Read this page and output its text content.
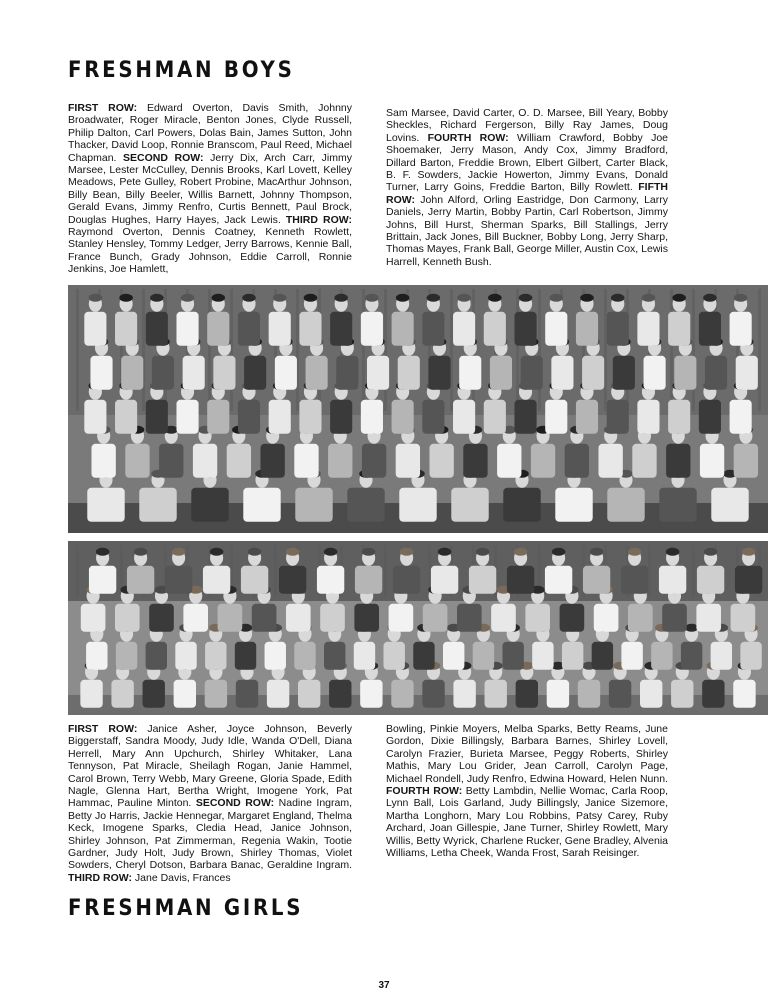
FRESHMAN BOYS
FIRST ROW: Edward Overton, Davis Smith, Johnny Broadwater, Roger Miracle, Benton Jones, Clyde Russell, Philip Dalton, Carl Powers, Dolas Bain, James Sutton, John Thacker, David Loop, Ronnie Branscom, Paul Reed, Michael Chapman. SECOND ROW: Jerry Dix, Arch Carr, Jimmy Marsee, Lester McCulley, Dennis Brooks, Karl Lovett, Kelley Meadows, Pete Gulley, Robert Probine, MacArthur Johnson, Billy Bean, Billy Beeler, Willis Barnett, Johnny Thompson, Gerald Evans, Jimmy Renfro, Curtis Bennett, Paul Brock, Douglas Hughes, Harry Hayes, Jack Lewis. THIRD ROW: Raymond Overton, Dennis Coatney, Kenneth Rowlett, Stanley Hensley, Tommy Ledger, Jerry Barrows, Kennie Ball, France Bunch, Grady Johnson, Eddie Carroll, Ronnie Jenkins, Joe Hamlett,
Sam Marsee, David Carter, O. D. Marsee, Bill Yeary, Bobby Sheckles, Richard Fergerson, Billy Ray James, Doug Lovins. FOURTH ROW: William Crawford, Bobby Joe Shoemaker, Jerry Mason, Andy Cox, Jimmy Bradford, Dillard Barton, Freddie Brown, Elbert Gilbert, Carter Black, B. F. Sowders, Jackie Howerton, Jimmy Evans, Donald Turner, Larry Goins, Freddie Barton, Billy Rowlett. FIFTH ROW: John Alford, Orling Eastridge, Don Carmony, Larry Daniels, Jerry Martin, Bobby Partin, Carl Robertson, Jimmy Johns, Bill Hurst, Sherman Sparks, Bill Stallings, Jerry Brittain, Jack Jones, Bill Buckner, Bobby Long, Jerry Sharp, Thomas Mayes, Frank Ball, George Miller, Austin Cox, Lewis Harrell, Kenneth Bush.
FIRST ROW: Janice Asher, Joyce Johnson, Beverly Biggerstaff, Sandra Moody, Judy Idle, Wanda O'Dell, Diana Herrell, Mary Ann Upchurch, Shirley Whitaker, Lana Tennyson, Pat Miracle, Sheilagh Rogan, Janie Hammel, Carol Brown, Terry Webb, Mary Greene, Gloria Spade, Edith Nagle, Glenna Hart, Bertha Wright, Imogene York, Pat Hammac, Pauline Minton. SECOND ROW: Nadine Ingram, Betty Jo Harris, Jackie Hennegar, Margaret England, Thelma Keck, Imogene Sparks, Cledia Head, Janice Johnson, Shirley Johnson, Pat Zimmerman, Regenia Wakin, Tootie Gardner, Judy Holt, Judy Brown, Shirley Thomas, Violet Sowders, Cheryl Dotson, Barbara Banac, Geraldine Ingram. THIRD ROW: Jane Davis, Frances
Bowling, Pinkie Moyers, Melba Sparks, Betty Reams, June Gordon, Dixie Billingsly, Barbara Barnes, Shirley Lovell, Carolyn Frazier, Burieta Marsee, Peggy Roberts, Shirley Mathis, Mary Lou Grider, Jean Carroll, Carolyn Page, Michael Rondell, Judy Renfro, Edwina Howard, Helen Nunn. FOURTH ROW: Betty Lambdin, Nellie Womac, Carla Roop, Lynn Ball, Lois Garland, Judy Billingsly, Janice Sizemore, Martha Longhorn, Mary Lou Robbins, Patsy Carey, Ruby Archard, Joan Gillespie, Jane Turner, Shirley Rowlett, Mary Willis, Betty Wyrick, Charlene Rucker, Gene Bradley, Alvenia Williams, Letha Cheek, Wanda Frost, Sarah Reisinger.
FRESHMAN GIRLS
37
